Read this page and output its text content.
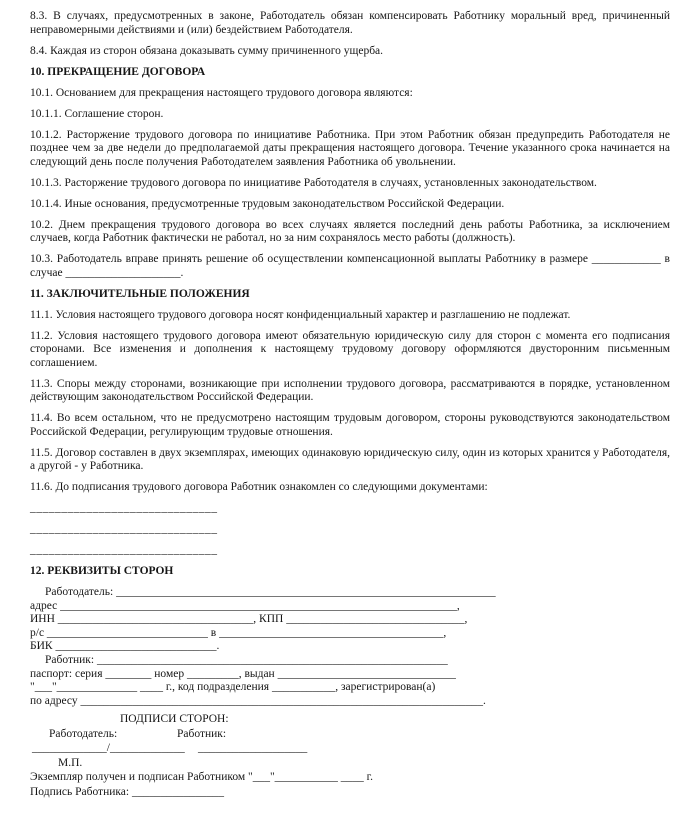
8.3. В случаях, предусмотренных в законе, Работодатель обязан компенсировать Работнику моральный вред, причиненный неправомерными действиями и (или) бездействием Работодателя.

8.4. Каждая из сторон обязана доказывать сумму причиненного ущерба.

10. ПРЕКРАЩЕНИЕ ДОГОВОРА

10.1. Основанием для прекращения настоящего трудового договора являются:

10.1.1. Соглашение сторон.

10.1.2. Расторжение трудового договора по инициативе Работника. При этом Работник обязан предупредить Работодателя не позднее чем за две недели до предполагаемой даты прекращения настоящего договора. Течение указанного срока начинается на следующий день после получения Работодателем заявления Работника об увольнении.

10.1.3. Расторжение трудового договора по инициативе Работодателя в случаях, установленных законодательством.

10.1.4. Иные основания, предусмотренные трудовым законодательством Российской Федерации.

10.2. Днем прекращения трудового договора во всех случаях является последний день работы Работника, за исключением случаев, когда Работник фактически не работал, но за ним сохранялось место работы (должность).

10.3. Работодатель вправе принять решение об осуществлении компенсационной выплаты Работнику в размере ____________ в случае ____________________.

11. ЗАКЛЮЧИТЕЛЬНЫЕ ПОЛОЖЕНИЯ

11.1. Условия настоящего трудового договора носят конфиденциальный характер и разглашению не подлежат.

11.2. Условия настоящего трудового договора имеют обязательную юридическую силу для сторон с момента его подписания сторонами. Все изменения и дополнения к настоящему трудовому договору оформляются двусторонним письменным соглашением.

11.3. Споры между сторонами, возникающие при исполнении трудового договора, рассматриваются в порядке, установленном действующим законодательством Российской Федерации.

11.4. Во всем остальном, что не предусмотрено настоящим трудовым договором, стороны руководствуются законодательством Российской Федерации, регулирующим трудовые отношения.

11.5. Договор составлен в двух экземплярах, имеющих одинаковую юридическую силу, один из которых хранится у Работодателя, а другой - у Работника.

11.6. До подписания трудового договора Работник ознакомлен со следующими документами:

______________________________

______________________________

______________________________

12. РЕКВИЗИТЫ СТОРОН

Работодатель: __________________________________________________________________

адрес _____________________________________________________________________,

ИНН __________________________________, КПП _______________________________,

р/с ____________________________ в _______________________________________,

БИК ____________________________.

Работник: _____________________________________________________________

паспорт: серия ________ номер _________, выдан _______________________________

"___"______________ ____ г., код подразделения ___________, зарегистрирован(а)

по адресу ______________________________________________________________________.

ПОДПИСИ СТОРОН:
Работодатель:	Работник:
_____________/_____________ ___________________
М.П.
Экземпляр получен и подписан Работником "___"___________ ____ г.
Подпись Работника: ________________
